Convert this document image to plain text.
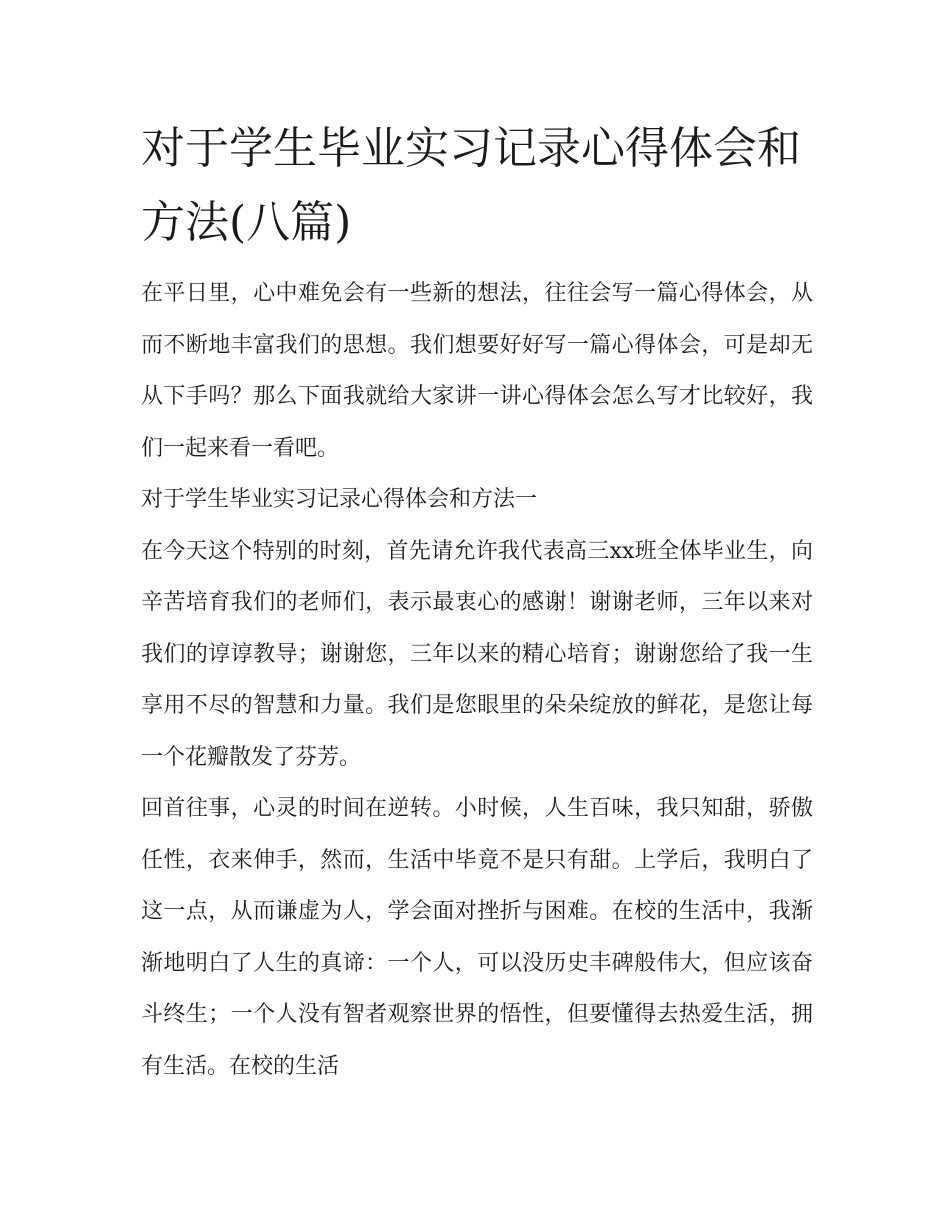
对于学生毕业实习记录心得体会和方法(八篇)

在平日里，心中难免会有一些新的想法，往往会写一篇心得体会，从而不断地丰富我们的思想。我们想要好好写一篇心得体会，可是却无从下手吗？那么下面我就给大家讲一讲心得体会怎么写才比较好，我们一起来看一看吧。

对于学生毕业实习记录心得体会和方法一

在今天这个特别的时刻，首先请允许我代表高三xx班全体毕业生，向辛苦培育我们的老师们，表示最衷心的感谢！谢谢老师，三年以来对我们的谆谆教导；谢谢您，三年以来的精心培育；谢谢您给了我一生享用不尽的智慧和力量。我们是您眼里的朵朵绽放的鲜花，是您让每一个花瓣散发了芬芳。

回首往事，心灵的时间在逆转。小时候，人生百味，我只知甜，骄傲任性，衣来伸手，然而，生活中毕竟不是只有甜。上学后，我明白了这一点，从而谦虚为人，学会面对挫折与困难。在校的生活中，我渐渐地明白了人生的真谛：一个人，可以没历史丰碑般伟大，但应该奋斗终生；一个人没有智者观察世界的悟性，但要懂得去热爱生活，拥有生活。在校的生活
